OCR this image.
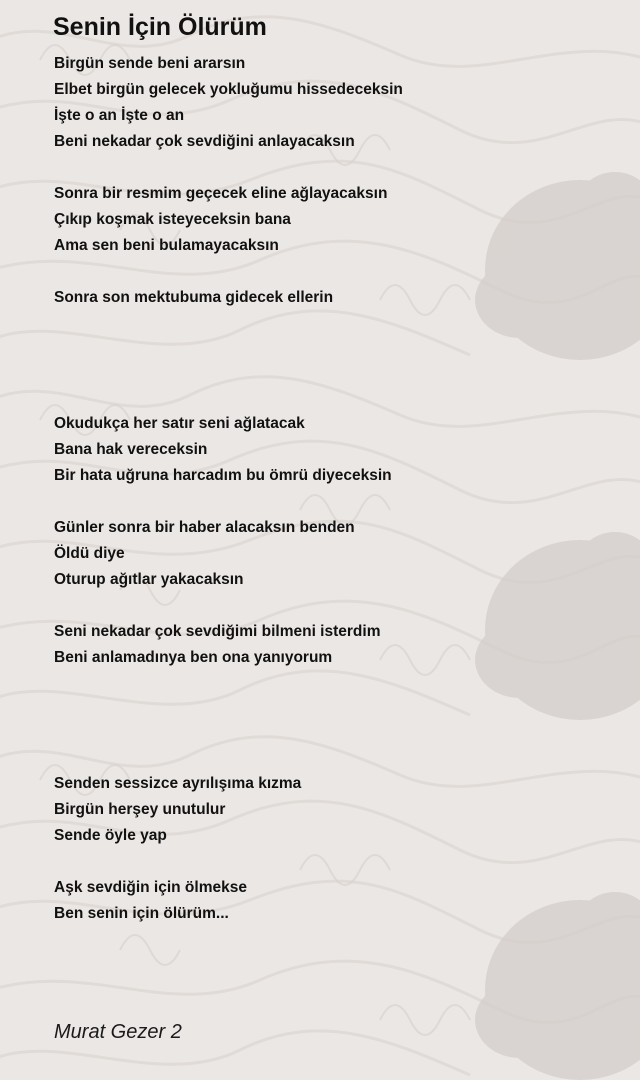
Senin İçin Ölürüm

Birgün sende beni ararsın

Elbet birgün gelecek yokluğumu hissedeceksin

İşte o an İşte o an

Beni nekadar çok sevdiğini anlayacaksın

Sonra bir resmim geçecek eline ağlayacaksın

Çıkıp koşmak isteyeceksin bana

Ama sen beni bulamayacaksın

Sonra son mektubuma gidecek ellerin

Okudukça her satır seni ağlatacak

Bana hak vereceksin

Bir hata uğruna harcadım bu ömrü diyeceksin

Günler sonra bir haber alacaksın benden

Öldü diye

Oturup ağıtlar yakacaksın

Seni nekadar çok sevdiğimi bilmeni isterdim

Beni anlamadınya ben ona yanıyorum

Senden sessizce ayrılışıma kızma

Birgün herşey unutulur

Sende öyle yap

Aşk sevdiğin için ölmekse

Ben senin için ölürüm...

Murat Gezer 2
